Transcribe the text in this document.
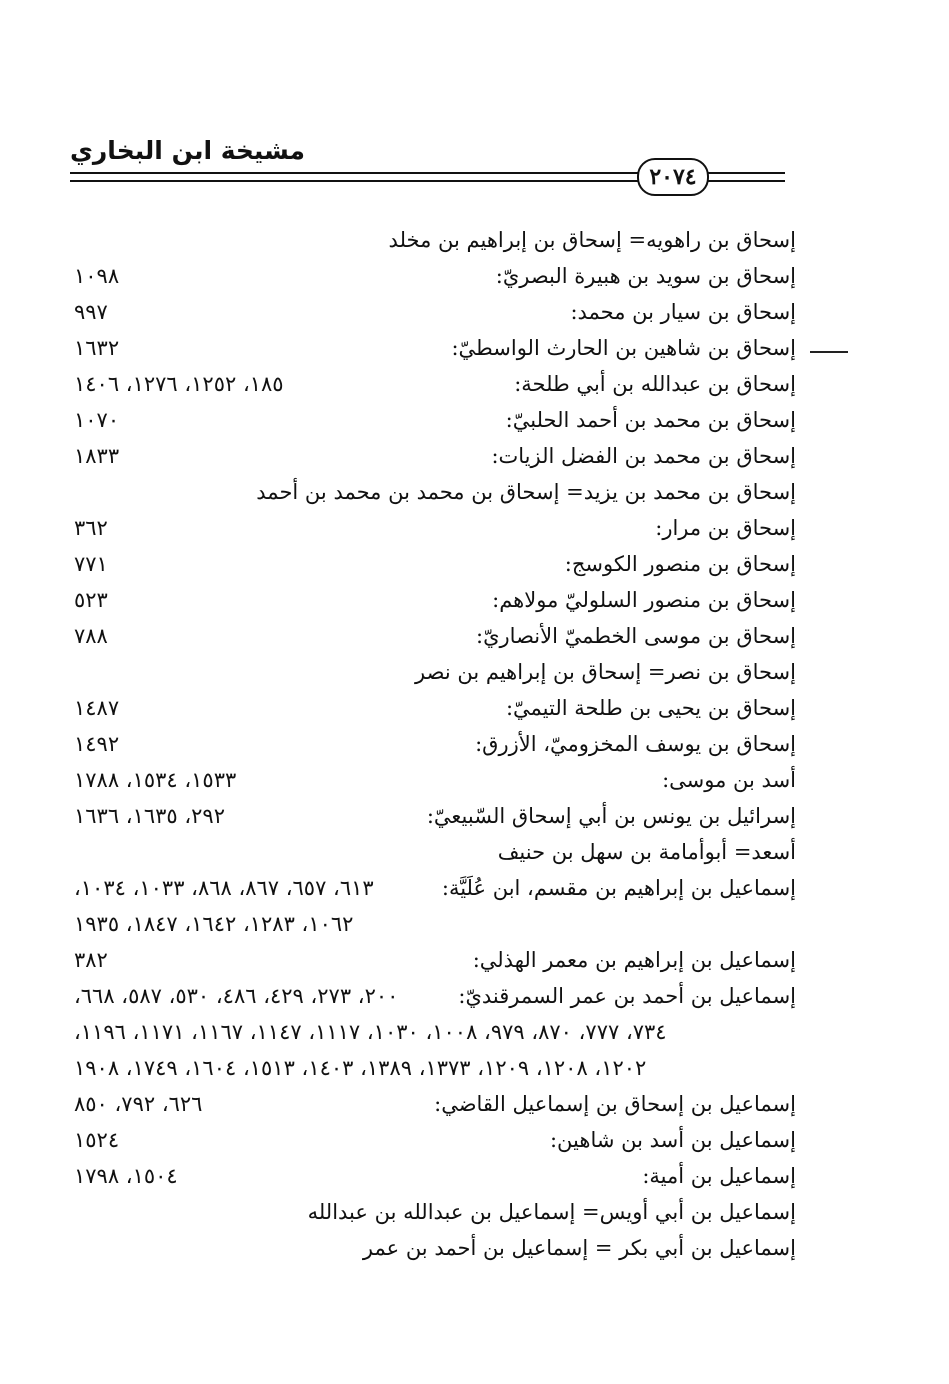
مشيخة ابن البخاري
٢٠٧٤
إسحاق بن راهويه= إسحاق بن إبراهيم بن مخلد
إسحاق بن سويد بن هبيرة البصريّ:
١٠٩٨
إسحاق بن سيار بن محمد:
٩٩٧
إسحاق بن شاهين بن الحارث الواسطيّ:
١٦٣٢
إسحاق بن عبدالله بن أبي طلحة:
١٨٥، ١٢٥٢، ١٢٧٦، ١٤٠٦
إسحاق بن محمد بن أحمد الحلبيّ:
١٠٧٠
إسحاق بن محمد بن الفضل الزيات:
١٨٣٣
إسحاق بن محمد بن يزيد= إسحاق بن محمد بن محمد بن أحمد
إسحاق بن مرار:
٣٦٢
إسحاق بن منصور الكوسج:
٧٧١
إسحاق بن منصور السلوليّ مولاهم:
٥٢٣
إسحاق بن موسى الخطميّ الأنصاريّ:
٧٨٨
إسحاق بن نصر= إسحاق بن إبراهيم بن نصر
إسحاق بن يحيى بن طلحة التيميّ:
١٤٨٧
إسحاق بن يوسف المخزوميّ، الأزرق:
١٤٩٢
أسد بن موسى:
١٥٣٣، ١٥٣٤، ١٧٨٨
إسرائيل بن يونس بن أبي إسحاق السّبيعيّ:
٢٩٢، ١٦٣٥، ١٦٣٦
أسعد= أبوأمامة بن سهل بن حنيف
إسماعيل بن إبراهيم بن مقسم، ابن عُلَيَّة:
٦١٣، ٦٥٧، ٨٦٧، ٨٦٨، ١٠٣٣، ١٠٣٤،
١٠٦٢، ١٢٨٣، ١٦٤٢، ١٨٤٧، ١٩٣٥
إسماعيل بن إبراهيم بن معمر الهذلي:
٣٨٢
إسماعيل بن أحمد بن عمر السمرقنديّ:
٢٠٠، ٢٧٣، ٤٢٩، ٤٨٦، ٥٣٠، ٥٨٧، ٦٦٨،
٧٣٤، ٧٧٧، ٨٧٠، ٩٧٩، ١٠٠٨، ١٠٣٠، ١١١٧، ١١٤٧، ١١٦٧، ١١٧١، ١١٩٦،
١٢٠٢، ١٢٠٨، ١٢٠٩، ١٣٧٣، ١٣٨٩، ١٤٠٣، ١٥١٣، ١٦٠٤، ١٧٤٩، ١٩٠٨
إسماعيل بن إسحاق بن إسماعيل القاضي:
٦٢٦، ٧٩٢، ٨٥٠
إسماعيل بن أسد بن شاهين:
١٥٢٤
إسماعيل بن أمية:
١٥٠٤، ١٧٩٨
إسماعيل بن أبي أويس= إسماعيل بن عبدالله بن عبدالله
إسماعيل بن أبي بكر = إسماعيل بن أحمد بن عمر
